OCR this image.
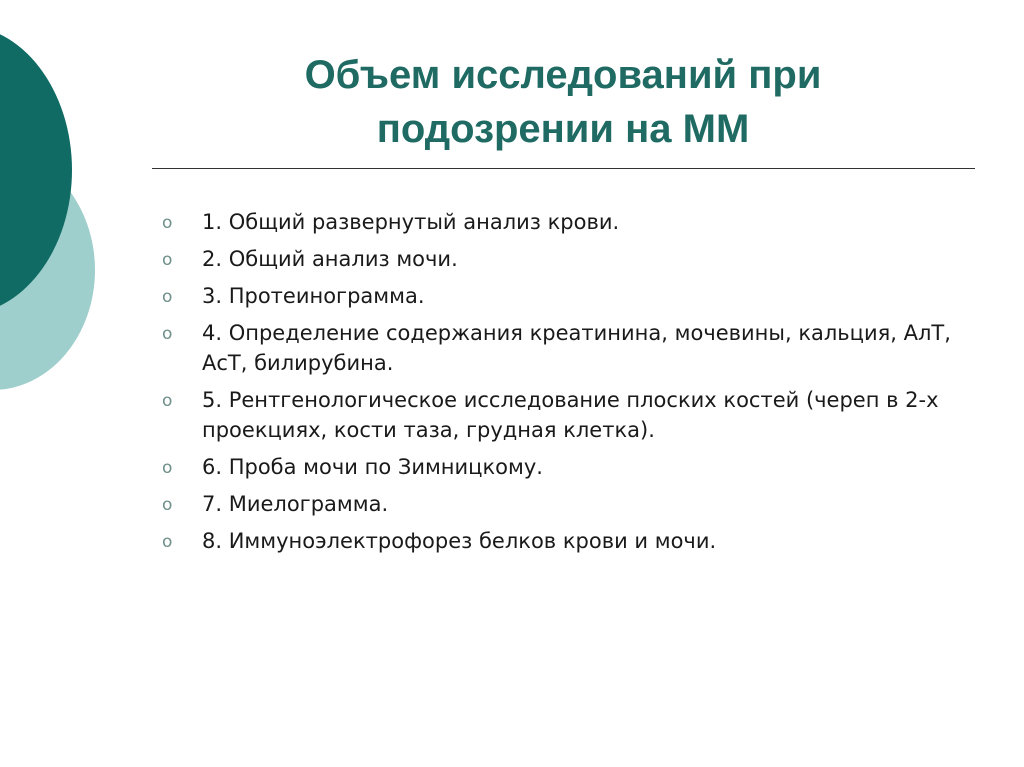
Объем исследований при
подозрении на ММ
o 1. Общий развернутый анализ крови.
o 2. Общий анализ мочи.
o 3. Протеинограмма.
o 4. Определение содержания креатинина, мочевины, кальция, АлТ, АсТ, билирубина.
o 5. Рентгенологическое исследование плоских костей (череп в 2-х проекциях, кости таза, грудная клетка).
o 6. Проба мочи по Зимницкому.
o 7. Миелограмма.
o 8. Иммуноэлектрофорез белков крови и мочи.
